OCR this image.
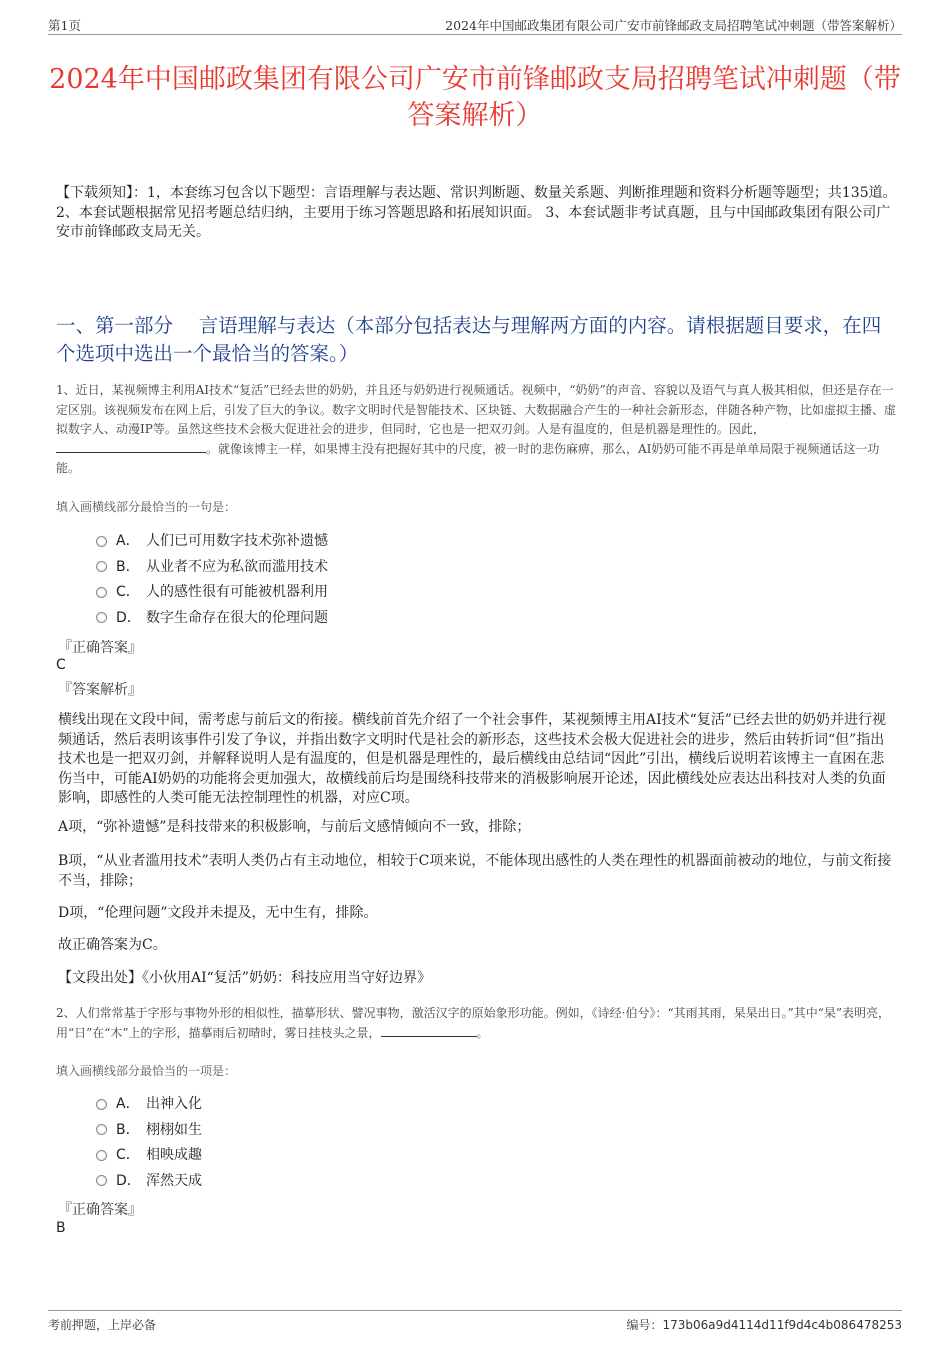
第1页	2024年中国邮政集团有限公司广安市前锋邮政支局招聘笔试冲刺题（带答案解析）
2024年中国邮政集团有限公司广安市前锋邮政支局招聘笔试冲刺题（带答案解析）
【下载须知】：1，本套练习包含以下题型：言语理解与表达题、常识判断题、数量关系题、判断推理题和资料分析题等题型；共135道。 2、本套试题根据常见招考题总结归纳，主要用于练习答题思路和拓展知识面。 3、本套试题非考试真题，且与中国邮政集团有限公司广安市前锋邮政支局无关。
一、第一部分　 言语理解与表达（本部分包括表达与理解两方面的内容。请根据题目要求，在四个选项中选出一个最恰当的答案。）
1、近日，某视频博主利用AI技术“复活”已经去世的奶奶，并且还与奶奶进行视频通话。视频中，“奶奶”的声音、容貌以及语气与真人极其相似，但还是存在一定区别。该视频发布在网上后，引发了巨大的争议。数字文明时代是智能技术、区块链、大数据融合产生的一种社会新形态，伴随各种产物，比如虚拟主播、虚拟数字人、动漫IP等。虽然这些技术会极大促进社会的进步，但同时，它也是一把双刃剑。人是有温度的，但是机器是理性的。因此，。就像该博主一样，如果博主没有把握好其中的尺度，被一时的悲伤麻痹，那么，AI奶奶可能不再是单单局限于视频通话这一功能。
填入画横线部分最恰当的一句是：
A． 人们已可用数字技术弥补遗憾
B． 从业者不应为私欲而滥用技术
C． 人的感性很有可能被机器利用
D． 数字生命存在很大的伦理问题
『正确答案』
C
『答案解析』
横线出现在文段中间，需考虑与前后文的衔接。横线前首先介绍了一个社会事件，某视频博主用AI技术“复活”已经去世的奶奶并进行视频通话，然后表明该事件引发了争议，并指出数字文明时代是社会的新形态，这些技术会极大促进社会的进步，然后由转折词“但”指出技术也是一把双刃剑，并解释说明人是有温度的，但是机器是理性的，最后横线由总结词“因此”引出，横线后说明若该博主一直困在悲伤当中，可能AI奶奶的功能将会更加强大，故横线前后均是围绕科技带来的消极影响展开论述，因此横线处应表达出科技对人类的负面影响，即感性的人类可能无法控制理性的机器，对应C项。
A项，“弥补遗憾”是科技带来的积极影响，与前后文感情倾向不一致，排除；
B项，“从业者滥用技术”表明人类仍占有主动地位，相较于C项来说，不能体现出感性的人类在理性的机器面前被动的地位，与前文衔接不当，排除；
D项，“伦理问题”文段并未提及，无中生有，排除。
故正确答案为C。
【文段出处】《小伙用AI“复活”奶奶：科技应用当守好边界》
2、人们常常基于字形与事物外形的相似性，描摹形状、譬况事物，激活汉字的原始象形功能。例如，《诗经·伯兮》：“其雨其雨，杲杲出日。”其中“杲”表明亮，用“日”在“木”上的字形，描摹雨后初晴时，雾日挂枝头之景，	。
填入画横线部分最恰当的一项是：
A． 出神入化
B． 栩栩如生
C． 相映成趣
D． 浑然天成
『正确答案』
B
考前押题，上岸必备	编号：173b06a9d4114d11f9d4c4b086478253
